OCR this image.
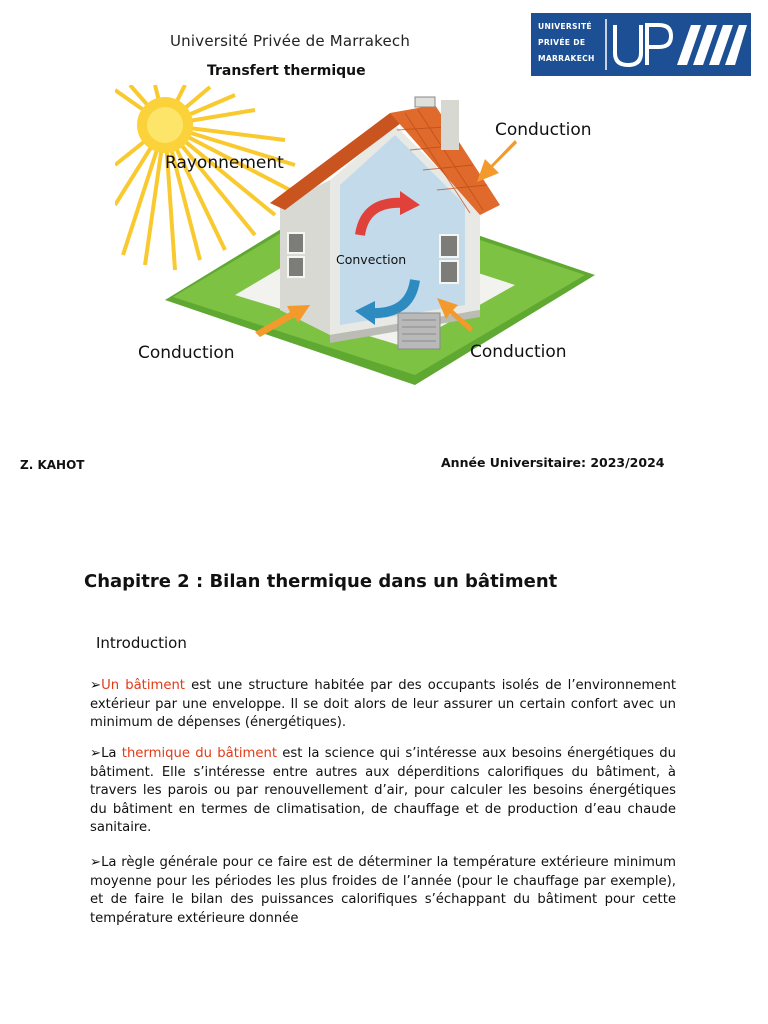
Université Privée de Marrakech
Transfert thermique
UNIVERSITÉ
PRIVÉE DE
MARRAKECH
Rayonnement
Convection
Conduction
Conduction	Conduction
Z. KAHOT	Année Universitaire: 2023/2024
Chapitre 2 : Bilan thermique dans un bâtiment
Introduction

➢Un bâtiment est une structure habitée par des occupants isolés de l’environnement extérieur par une enveloppe. Il se doit alors de leur assurer un certain confort avec un minimum de dépenses (énergétiques).

➢La thermique du bâtiment est la science qui s’intéresse aux besoins énergétiques du bâtiment. Elle s’intéresse entre autres aux déperditions calorifiques du bâtiment, à travers les parois ou par renouvellement d’air, pour calculer les besoins énergétiques du bâtiment en termes de climatisation, de chauffage et de production d’eau chaude sanitaire.

➢La règle générale pour ce faire est de déterminer la température extérieure minimum moyenne pour les périodes les plus froides de l’année (pour le chauffage par exemple), et de faire le bilan des puissances calorifiques s’échappant du bâtiment pour cette température extérieure donnée
